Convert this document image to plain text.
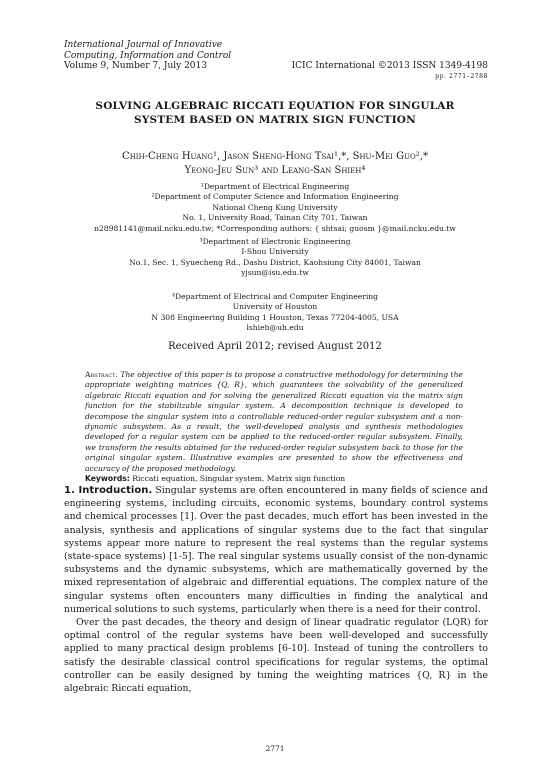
International Journal of Innovative
Computing, Information and Control
Volume 9, Number 7, July 2013	ICIC International ©2013 ISSN 1349-4198
pp. 2771–2788
SOLVING ALGEBRAIC RICCATI EQUATION FOR SINGULAR
SYSTEM BASED ON MATRIX SIGN FUNCTION
Chih-Cheng Huang¹, Jason Sheng-Hong Tsai¹,*, Shu-Mei Guo²,*
Yeong-Jeu Sun³ and Leang-San Shieh⁴
¹Department of Electrical Engineering
²Department of Computer Science and Information Engineering
National Cheng Kung University
No. 1, University Road, Tainan City 701, Taiwan
n28981141@mail.ncku.edu.tw; *Corresponding authors: { shtsai; guosm }@mail.ncku.edu.tw
³Department of Electronic Engineering
I-Shou University
No.1, Sec. 1, Syuecheng Rd., Dashu District, Kaohsiung City 84001, Taiwan
yjsun@isu.edu.tw
⁴Department of Electrical and Computer Engineering
University of Houston
N 308 Engineering Building 1 Houston, Texas 77204-4005, USA
lshieh@uh.edu
Received April 2012; revised August 2012
Abstract. The objective of this paper is to propose a constructive methodology for determining the appropriate weighting matrices {Q, R}, which guarantees the solvability of the generalized algebraic Riccati equation and for solving the generalized Riccati equation via the matrix sign function for the stabilizable singular system. A decomposition technique is developed to decompose the singular system into a controllable reduced-order regular subsystem and a non-dynamic subsystem. As a result, the well-developed analysis and synthesis methodologies developed for a regular system can be applied to the reduced-order regular subsystem. Finally, we transform the results obtained for the reduced-order regular subsystem back to those for the original singular system. Illustrative examples are presented to show the effectiveness and accuracy of the proposed methodology.
Keywords: Riccati equation, Singular system, Matrix sign function

1. Introduction. Singular systems are often encountered in many fields of science and engineering systems, including circuits, economic systems, boundary control systems and chemical processes [1]. Over the past decades, much effort has been invested in the analysis, synthesis and applications of singular systems due to the fact that singular systems appear more nature to represent the real systems than the regular systems (state-space systems) [1-5]. The real singular systems usually consist of the non-dynamic subsystems and the dynamic subsystems, which are mathematically governed by the mixed representation of algebraic and differential equations. The complex nature of the singular systems often encounters many difficulties in finding the analytical and numerical solutions to such systems, particularly when there is a need for their control.

Over the past decades, the theory and design of linear quadratic regulator (LQR) for optimal control of the regular systems have been well-developed and successfully applied to many practical design problems [6-10]. Instead of tuning the controllers to satisfy the desirable classical control specifications for regular systems, the optimal controller can be easily designed by tuning the weighting matrices {Q, R} in the algebraic Riccati equation,

2771
